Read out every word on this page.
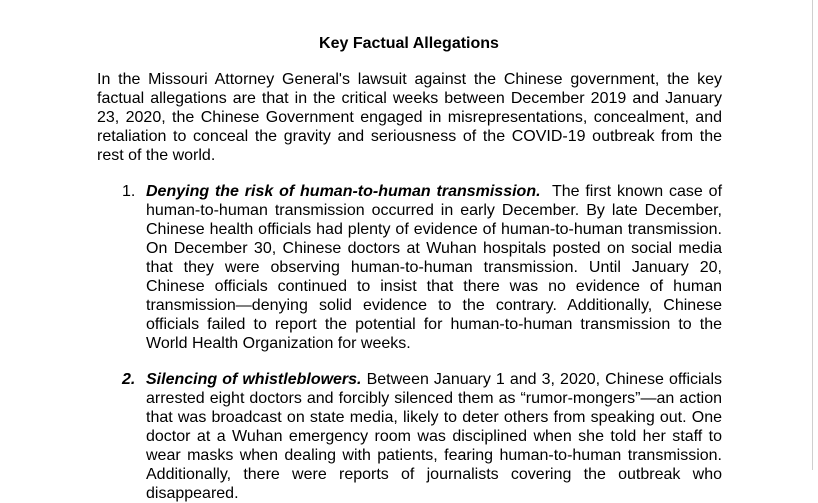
Key Factual Allegations
In the Missouri Attorney General's lawsuit against the Chinese government, the key factual allegations are that in the critical weeks between December 2019 and January 23, 2020, the Chinese Government engaged in misrepresentations, concealment, and retaliation to conceal the gravity and seriousness of the COVID-19 outbreak from the rest of the world.
1. Denying the risk of human-to-human transmission. The first known case of human-to-human transmission occurred in early December. By late December, Chinese health officials had plenty of evidence of human-to-human transmission. On December 30, Chinese doctors at Wuhan hospitals posted on social media that they were observing human-to-human transmission. Until January 20, Chinese officials continued to insist that there was no evidence of human transmission—denying solid evidence to the contrary. Additionally, Chinese officials failed to report the potential for human-to-human transmission to the World Health Organization for weeks.
2. Silencing of whistleblowers. Between January 1 and 3, 2020, Chinese officials arrested eight doctors and forcibly silenced them as “rumor-mongers”—an action that was broadcast on state media, likely to deter others from speaking out. One doctor at a Wuhan emergency room was disciplined when she told her staff to wear masks when dealing with patients, fearing human-to-human transmission. Additionally, there were reports of journalists covering the outbreak who disappeared.
